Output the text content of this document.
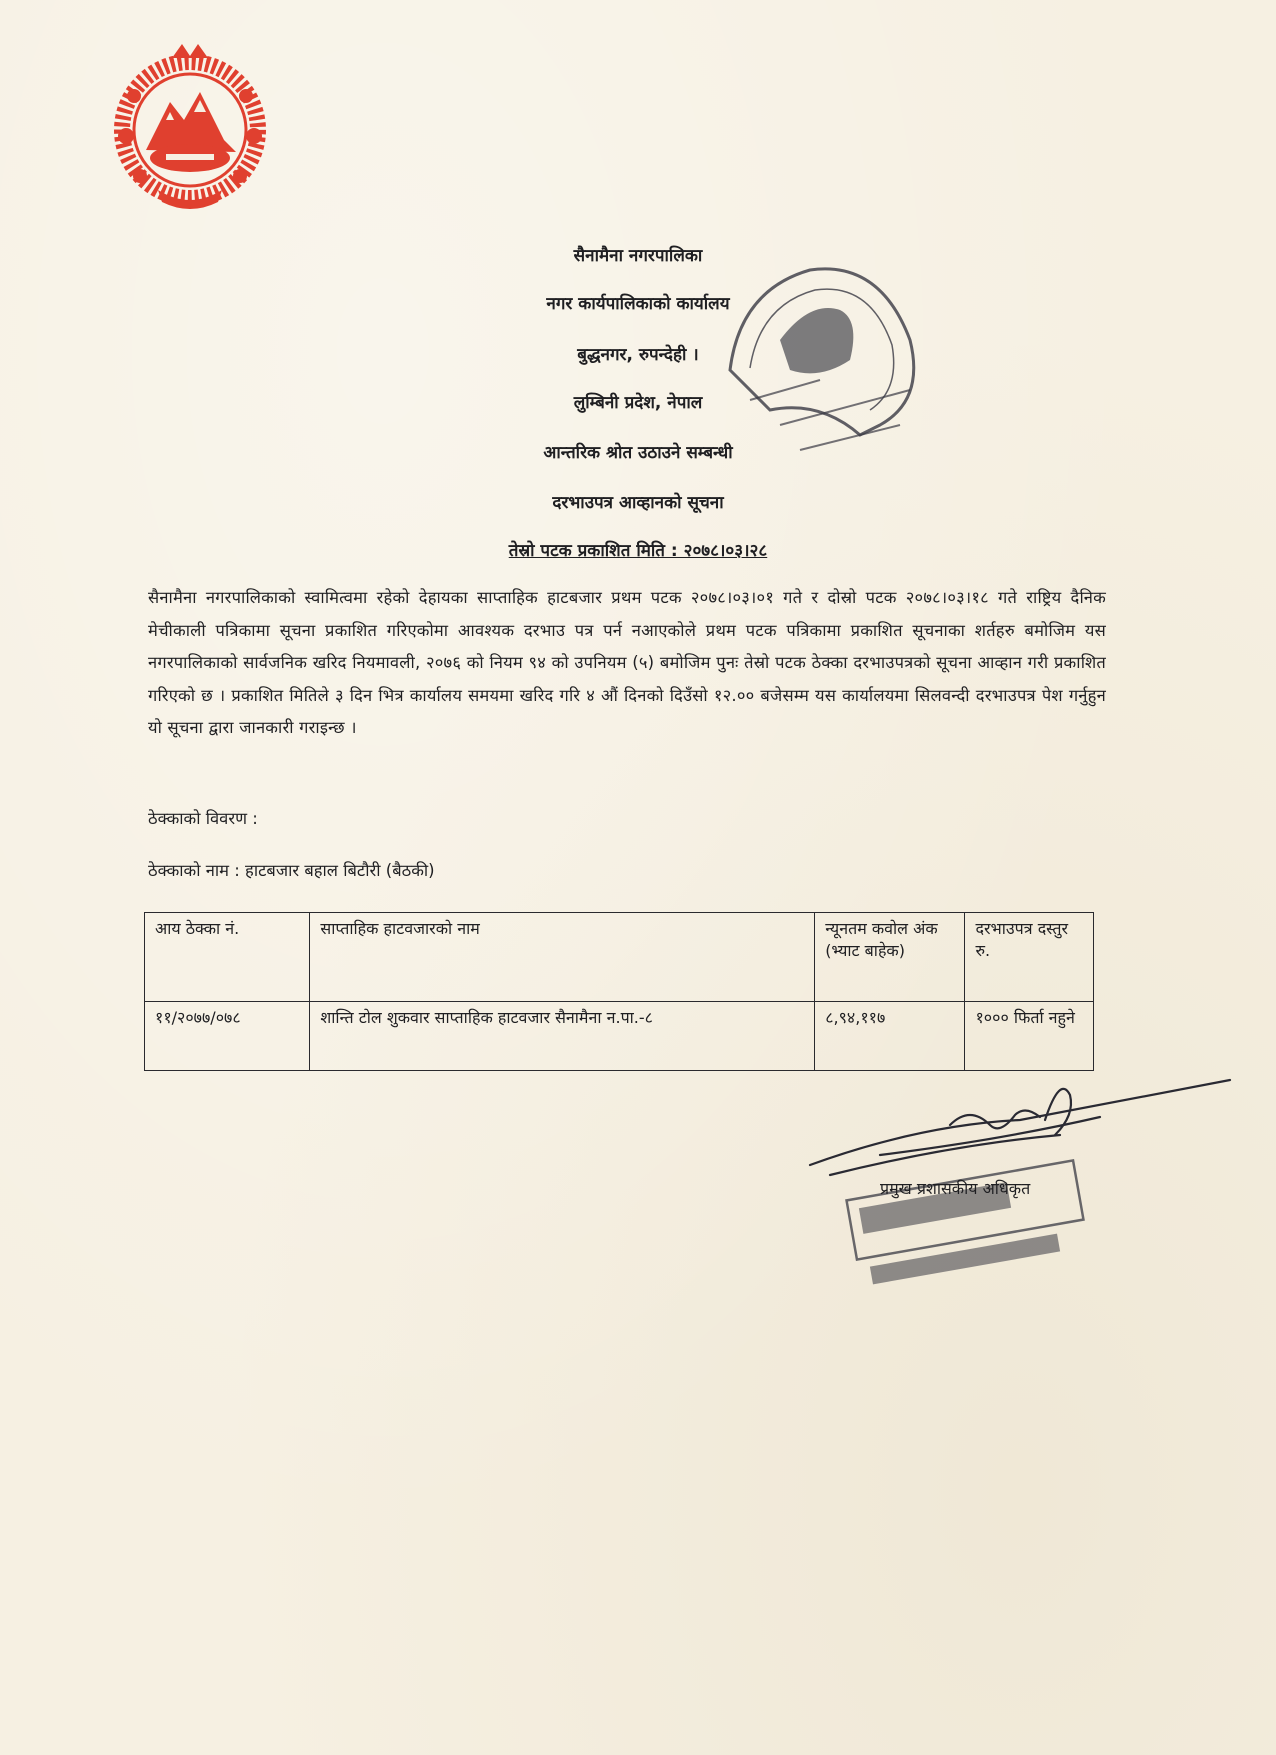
सैनामैना नगरपालिका
नगर कार्यपालिकाको कार्यालय
बुद्धनगर, रुपन्देही ।
लुम्बिनी प्रदेश, नेपाल
आन्तरिक श्रोत उठाउने सम्बन्धी
दरभाउपत्र आव्हानको सूचना
तेस्रो पटक प्रकाशित मिति : २०७८।०३।२८
सैनामैना नगरपालिकाको स्वामित्वमा रहेको देहायका साप्ताहिक हाटबजार प्रथम पटक २०७८।०३।०१ गते र दोस्रो पटक २०७८।०३।१८ गते राष्ट्रिय दैनिक मेचीकाली पत्रिकामा सूचना प्रकाशित गरिएकोमा आवश्यक दरभाउ पत्र पर्न नआएकोले प्रथम पटक पत्रिकामा प्रकाशित सूचनाका शर्तहरु बमोजिम यस नगरपालिकाको सार्वजनिक खरिद नियमावली, २०७६ को नियम ९४ को उपनियम (५) बमोजिम पुनः तेस्रो पटक ठेक्का दरभाउपत्रको सूचना आव्हान गरी प्रकाशित गरिएको छ । प्रकाशित मितिले ३ दिन भित्र कार्यालय समयमा खरिद गरि ४ औं दिनको दिउँसो १२.०० बजेसम्म यस कार्यालयमा सिलवन्दी दरभाउपत्र पेश गर्नुहुन यो सूचना द्वारा जानकारी गराइन्छ ।
ठेक्काको विवरण :
ठेक्काको नाम : हाटबजार बहाल बिटौरी (बैठकी)
आय ठेक्का नं.	साप्ताहिक हाटवजारको नाम	न्यूनतम कवोल अंक (भ्याट बाहेक)	दरभाउपत्र दस्तुर रु.
११/२०७७/०७८	शान्ति टोल शुकवार साप्ताहिक हाटवजार सैनामैना न.पा.-८	८,९४,११७	१००० फिर्ता नहुने
प्रमुख प्रशासकीय अधिकृत
